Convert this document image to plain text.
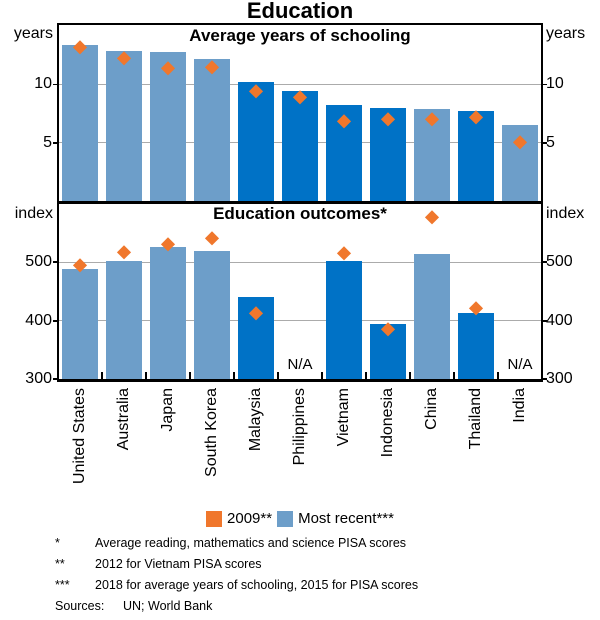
Education
Average years of schooling
Education outcomes*
years	years
index	index
2009** Most recent***
*	Average reading, mathematics and science PISA scores
**	2012 for Vietnam PISA scores
***	2018 for average years of schooling, 2015 for PISA scores
Sources:	UN; World Bank
N/A	N/A
5	5
10	10
300	300
400	400
500	500
United States Australia Japan South Korea Malaysia Philippines Vietnam Indonesia China Thailand India
